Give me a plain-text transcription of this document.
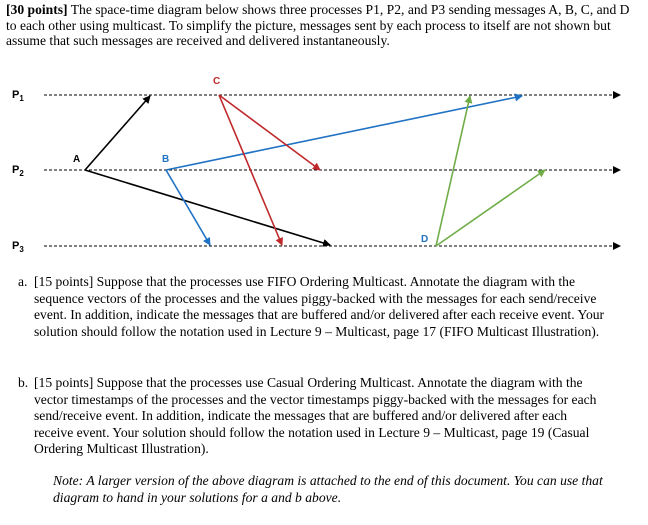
[30 points] The space-time diagram below shows three processes P1, P2, and P3 sending messages A, B, C, and D to each other using multicast. To simplify the picture, messages sent by each process to itself are not shown but assume that such messages are received and delivered instantaneously.
$P_1$
$P_2$
$P_3$
A	B
C
D
a. [15 points] Suppose that the processes use FIFO Ordering Multicast. Annotate the diagram with the sequence vectors of the processes and the values piggy-backed with the messages for each send/receive event. In addition, indicate the messages that are buffered and/or delivered after each receive event. Your solution should follow the notation used in Lecture 9 – Multicast, page 17 (FIFO Multicast Illustration).
b. [15 points] Suppose that the processes use Casual Ordering Multicast. Annotate the diagram with the vector timestamps of the processes and the vector timestamps piggy-backed with the messages for each send/receive event. In addition, indicate the messages that are buffered and/or delivered after each receive event. Your solution should follow the notation used in Lecture 9 – Multicast, page 19 (Casual Ordering Multicast Illustration).
Note: A larger version of the above diagram is attached to the end of this document. You can use that diagram to hand in your solutions for a and b above.
